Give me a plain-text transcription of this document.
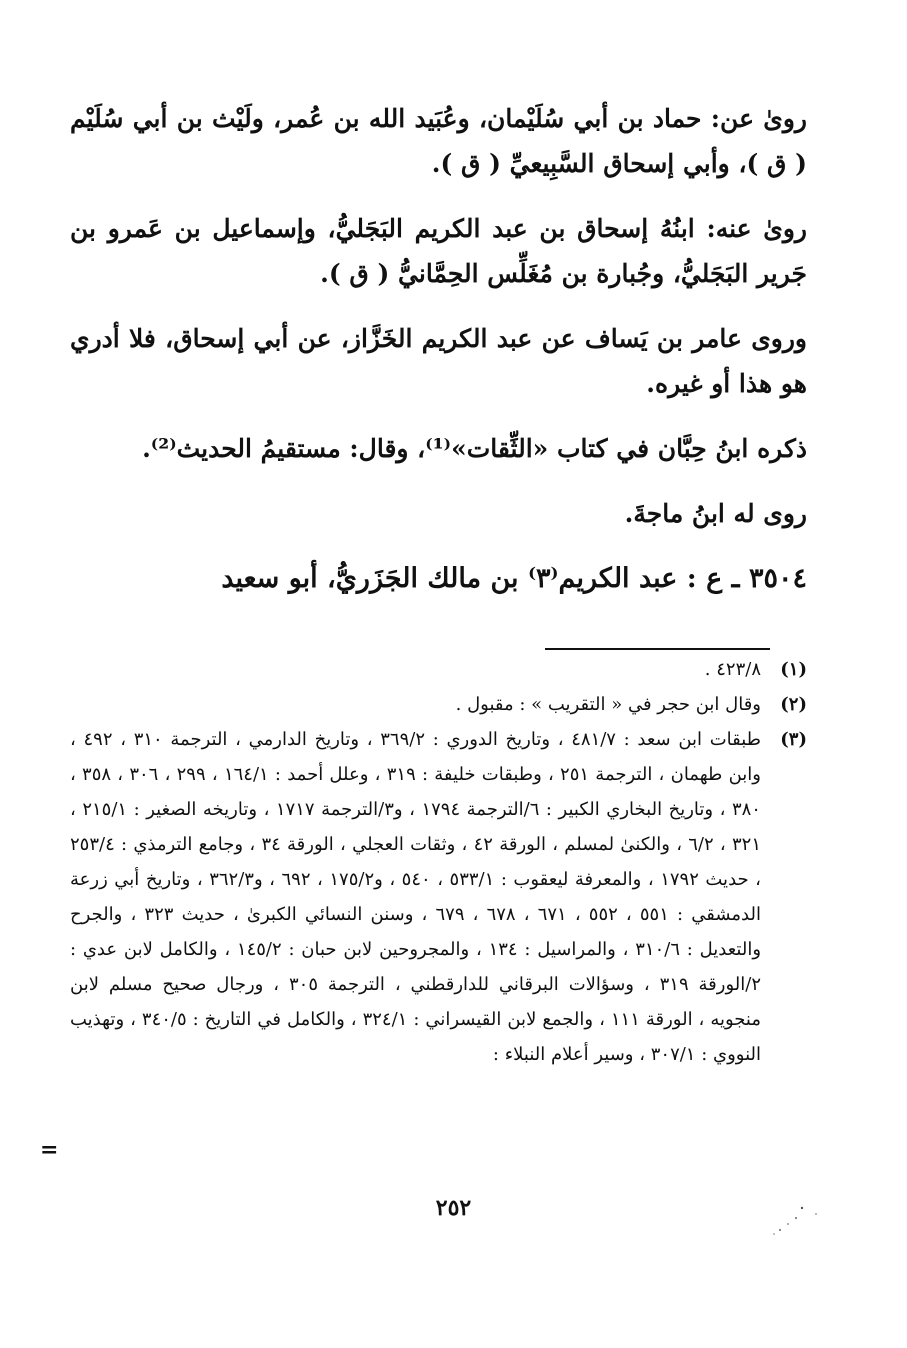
رویٰ عن: حماد بن أبي سُلَيْمان، وعُبَيد الله بن عُمر، ولَيْث بن أبي سُلَيْم ( ق )، وأبي إسحاق السَّبِيعيِّ ( ق ).

رویٰ عنه: ابنُهُ إسحاق بن عبد الكريم البَجَليُّ، وإسماعيل بن عَمرو بن جَرير البَجَليُّ، وجُبارة بن مُغَلِّس الحِمَّانيُّ ( ق ).

وروى عامر بن يَساف عن عبد الكريم الخَزَّاز، عن أبي إسحاق، فلا أدري هو هذا أو غيره.

ذكره ابنُ حِبَّان في كتاب «الثِّقات»⁽¹⁾، وقال: مستقيمُ الحديث⁽²⁾.

روى له ابنُ ماجةَ.

٣٥٠٤ ـ ع : عبد الكريم⁽٣⁾ بن مالك الجَزَريُّ، أبو سعيد
(١)
٤٢٣/٨ .
(٢)
وقال ابن حجر في « التقريب » : مقبول .
(٣)
طبقات ابن سعد : ٤٨١/٧ ، وتاريخ الدوري : ٣٦٩/٢ ، وتاريخ الدارمي ، الترجمة ٣١٠ ، ٤٩٢ ، وابن طهمان ، الترجمة ٢٥١ ، وطبقات خليفة : ٣١٩ ، وعلل أحمد : ١٦٤/١ ، ٢٩٩ ، ٣٠٦ ، ٣٥٨ ، ٣٨٠ ، وتاريخ البخاري الكبير : ٦/الترجمة ١٧٩٤ ، و٣/الترجمة ١٧١٧ ، وتاريخه الصغير : ٢١٥/١ ، ٣٢١ ، ٦/٢ ، والكنىٰ لمسلم ، الورقة ٤٢ ، وثقات العجلي ، الورقة ٣٤ ، وجامع الترمذي : ٢٥٣/٤ ، حديث ١٧٩٢ ، والمعرفة ليعقوب : ٥٣٣/١ ، ٥٤٠ ، و١٧٥/٢ ، ٦٩٢ ، و٣٦٢/٣ ، وتاريخ أبي زرعة الدمشقي : ٥٥١ ، ٥٥٢ ، ٦٧١ ، ٦٧٨ ، ٦٧٩ ، وسنن النسائي الكبرىٰ ، حديث ٣٢٣ ، والجرح والتعديل : ٣١٠/٦ ، والمراسيل : ١٣٤ ، والمجروحين لابن حبان : ١٤٥/٢ ، والكامل لابن عدي : ٢/الورقة ٣١٩ ، وسؤالات البرقاني للدارقطني ، الترجمة ٣٠٥ ، ورجال صحيح مسلم لابن منجويه ، الورقة ١١١ ، والجمع لابن القيسراني : ٣٢٤/١ ، والكامل في التاريخ : ٣٤٠/٥ ، وتهذيب النووي : ٣٠٧/١ ، وسير أعلام النبلاء :
=
٢٥٢
